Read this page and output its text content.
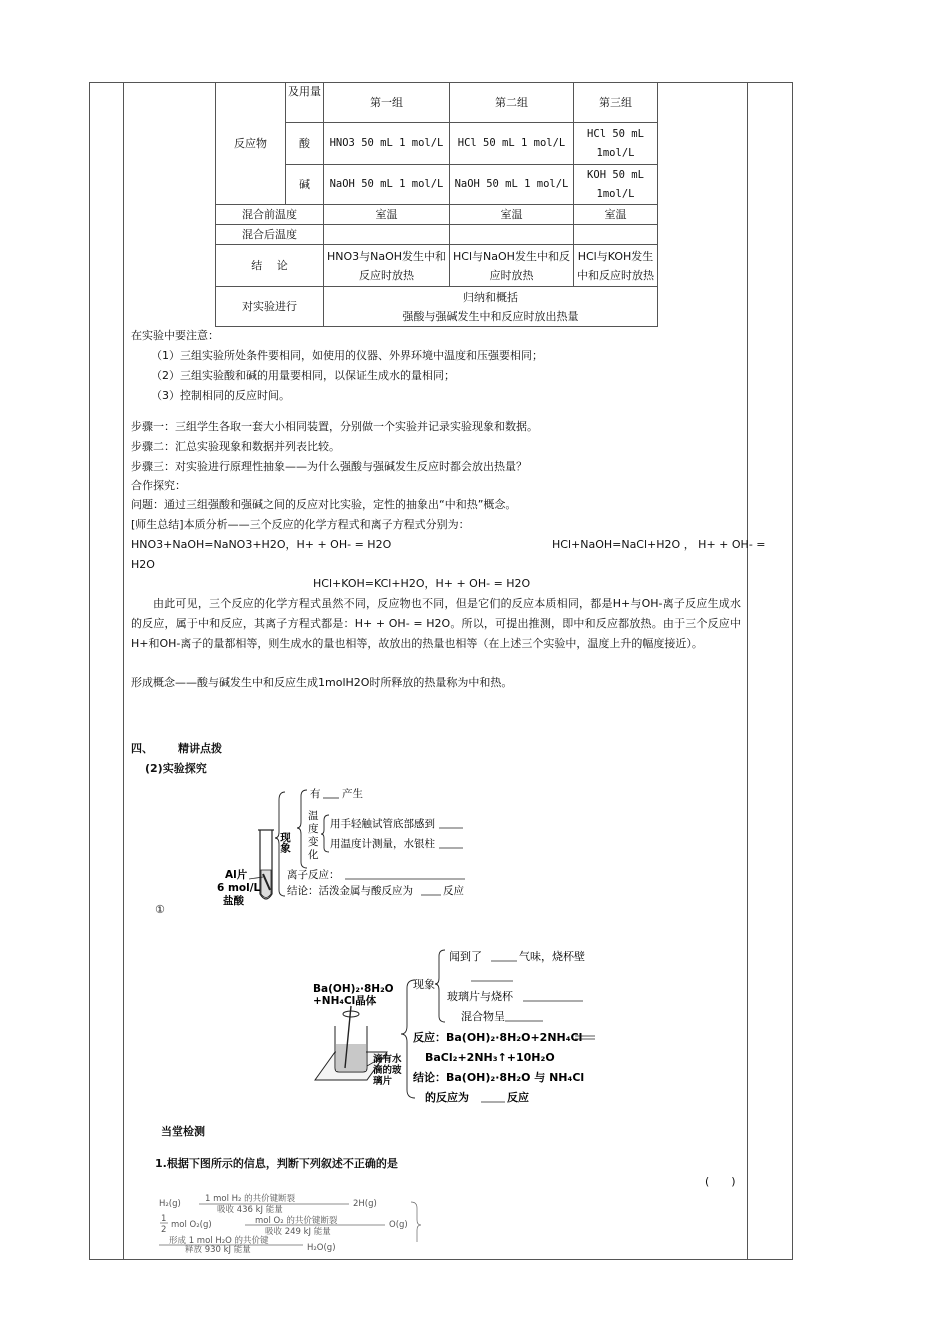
反应物	及用量	第一组	第二组	第三组
	酸	HNO3 50 mL 1 mol/L	HCl 50 mL 1 mol/L	HCl 50 mL 1mol/L
	碱	NaOH 50 mL 1 mol/L	NaOH 50 mL 1 mol/L	KOH 50 mL 1mol/L
混合前温度		室温	室温	室温
混合后温度				
结　 论		HNO3与NaOH发生中和反应时放热	HCl与NaOH发生中和反应时放热	HCl与KOH发生中和反应时放热
对实验进行		归纳和概括
强酸与强碱发生中和反应时放出热量		
在实验中要注意：
（1）三组实验所处条件要相同，如使用的仪器、外界环境中温度和压强要相同；
（2）三组实验酸和碱的用量要相同，以保证生成水的量相同；
（3）控制相同的反应时间。
步骤一：三组学生各取一套大小相同装置，分别做一个实验并记录实验现象和数据。
步骤二：汇总实验现象和数据并列表比较。
步骤三：对实验进行原理性抽象——为什么强酸与强碱发生反应时都会放出热量？
合作探究：
问题：通过三组强酸和强碱之间的反应对比实验，定性的抽象出“中和热”概念。
[师生总结]本质分析——三个反应的化学方程式和离子方程式分别为：
HNO3+NaOH=NaNO3+H2O，H+ + OH- = H2O	HCl+NaOH=NaCl+H2O ， H+ + OH- =
H2O
HCl+KOH=KCl+H2O，H+ + OH- = H2O
由此可见，三个反应的化学方程式虽然不同，反应物也不同，但是它们的反应本质相同，都是H+与OH-离子反应生成水的反应，属于中和反应，其离子方程式都是：H+ + OH- = H2O。所以，可提出推测，即中和反应都放热。由于三个反应中H+和OH-离子的量都相等，则生成水的量也相等，故放出的热量也相等（在上述三个实验中，温度上升的幅度接近）。
形成概念——酸与碱发生中和反应生成1molH2O时所释放的热量称为中和热。
四、	精讲点拨
(2)实验探究
Al片
6 mol/L
盐酸
现象
有 产生
温
度
变
化
用手轻触试管底部感到
用温度计测量，水银柱
离子反应：
结论：活泼金属与酸反应为	反应
①
Ba(OH)₂·8H₂O
+NH₄Cl晶体
滴有水
滴的玻
璃片
现象
闻到了	气味，烧杯壁
玻璃片与烧杯
混合物呈
反应：Ba(OH)₂·8H₂O+2NH₄Cl
BaCl₂+2NH₃↑+10H₂O
结论：Ba(OH)₂·8H₂O 与 NH₄Cl
的反应为	反应
当堂检测
1.根据下图所示的信息，判断下列叙述不正确的是
(　　)
H₂(g)	1 mol H₂ 的共价键断裂
吸收 436 kJ 能量
2H(g)
1
2 mol O₂(g)	mol O₂ 的共价键断裂
吸收 249 kJ 能量
O(g)
形成 1 mol H₂O 的共价键
释放 930 kJ 能量	H₂O(g)
